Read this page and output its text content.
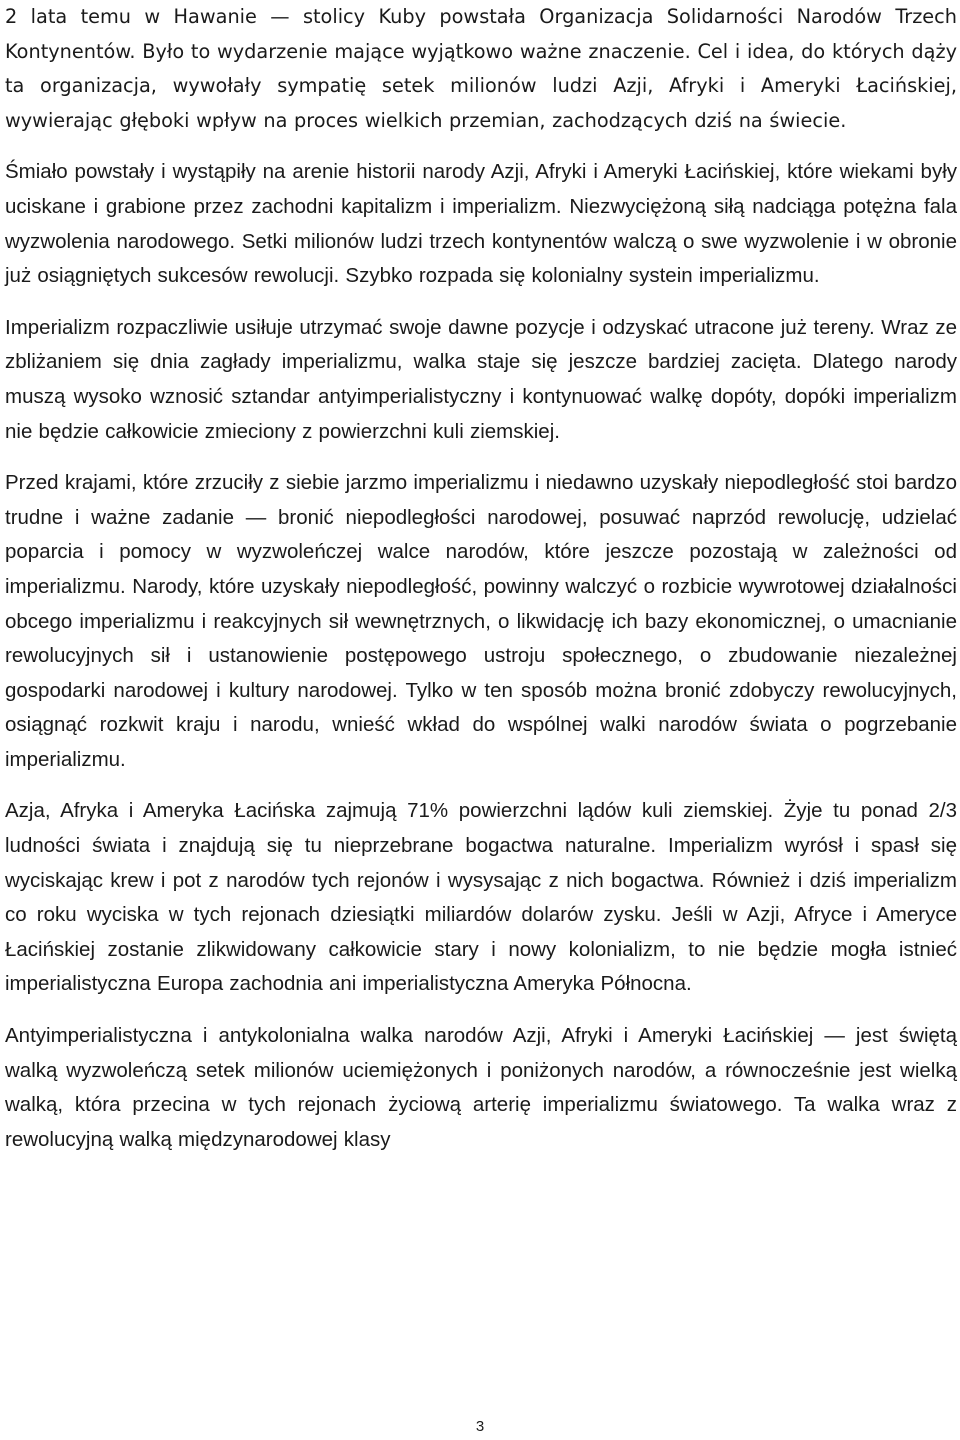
2 lata temu w Hawanie — stolicy Kuby powstała Organizacja Solidarności Narodów Trzech Kontynentów. Było to wydarzenie mające wyjątkowo ważne znaczenie. Cel i idea, do których dąży ta organizacja, wywołały sympatię setek milionów ludzi Azji, Afryki i Ameryki Łacińskiej, wywierając głęboki wpływ na proces wielkich przemian, zachodzących dziś na świecie.

Śmiało powstały i wystąpiły na arenie historii narody Azji, Afryki i Ameryki Łacińskiej, które wiekami były uciskane i grabione przez zachodni kapitalizm i imperializm. Niezwyciężoną siłą nadciąga potężna fala wyzwolenia narodowego. Setki milionów ludzi trzech kontynentów walczą o swe wyzwolenie i w obronie już osiągniętych sukcesów rewolucji. Szybko rozpada się kolonialny systein imperializmu.

Imperializm rozpaczliwie usiłuje utrzymać swoje dawne pozycje i odzyskać utracone już tereny. Wraz ze zbliżaniem się dnia zagłady imperializmu, walka staje się jeszcze bardziej zacięta. Dlatego narody muszą wysoko wznosić sztandar antyimperialistyczny i kontynuować walkę dopóty, dopóki imperializm nie będzie całkowicie zmieciony z powierzchni kuli ziemskiej.

Przed krajami, które zrzuciły z siebie jarzmo imperializmu i niedawno uzyskały niepodległość stoi bardzo trudne i ważne zadanie — bronić niepodległości narodowej, posuwać naprzód rewolucję, udzielać poparcia i pomocy w wyzwoleńczej walce narodów, które jeszcze pozostają w zależności od imperializmu. Narody, które uzyskały niepodległość, powinny walczyć o rozbicie wywrotowej działalności obcego imperializmu i reakcyjnych sił wewnętrznych, o likwidację ich bazy ekonomicznej, o umacnianie rewolucyjnych sił i ustanowienie postępowego ustroju społecznego, o zbudowanie niezależnej gospodarki narodowej i kultury narodowej. Tylko w ten sposób można bronić zdobyczy rewolucyjnych, osiągnąć rozkwit kraju i narodu, wnieść wkład do wspólnej walki narodów świata o pogrzebanie imperializmu.

Azja, Afryka i Ameryka Łacińska zajmują 71% powierzchni lądów kuli ziemskiej. Żyje tu ponad 2/3 ludności świata i znajdują się tu nieprzebrane bogactwa naturalne. Imperializm wyrósł i spasł się wyciskając krew i pot z narodów tych rejonów i wysysając z nich bogactwa. Również i dziś imperializm co roku wyciska w tych rejonach dziesiątki miliardów dolarów zysku. Jeśli w Azji, Afryce i Ameryce Łacińskiej zostanie zlikwidowany całkowicie stary i nowy kolonializm, to nie będzie mogła istnieć imperialistyczna Europa zachodnia ani imperialistyczna Ameryka Północna.

Antyimperialistyczna i antykolonialna walka narodów Azji, Afryki i Ameryki Łacińskiej — jest świętą walką wyzwoleńczą setek milionów uciemiężonych i poniżonych narodów, a równocześnie jest wielką walką, która przecina w tych rejonach życiową arterię imperializmu światowego. Ta walka wraz z rewolucyjną walką międzynarodowej klasy

3
